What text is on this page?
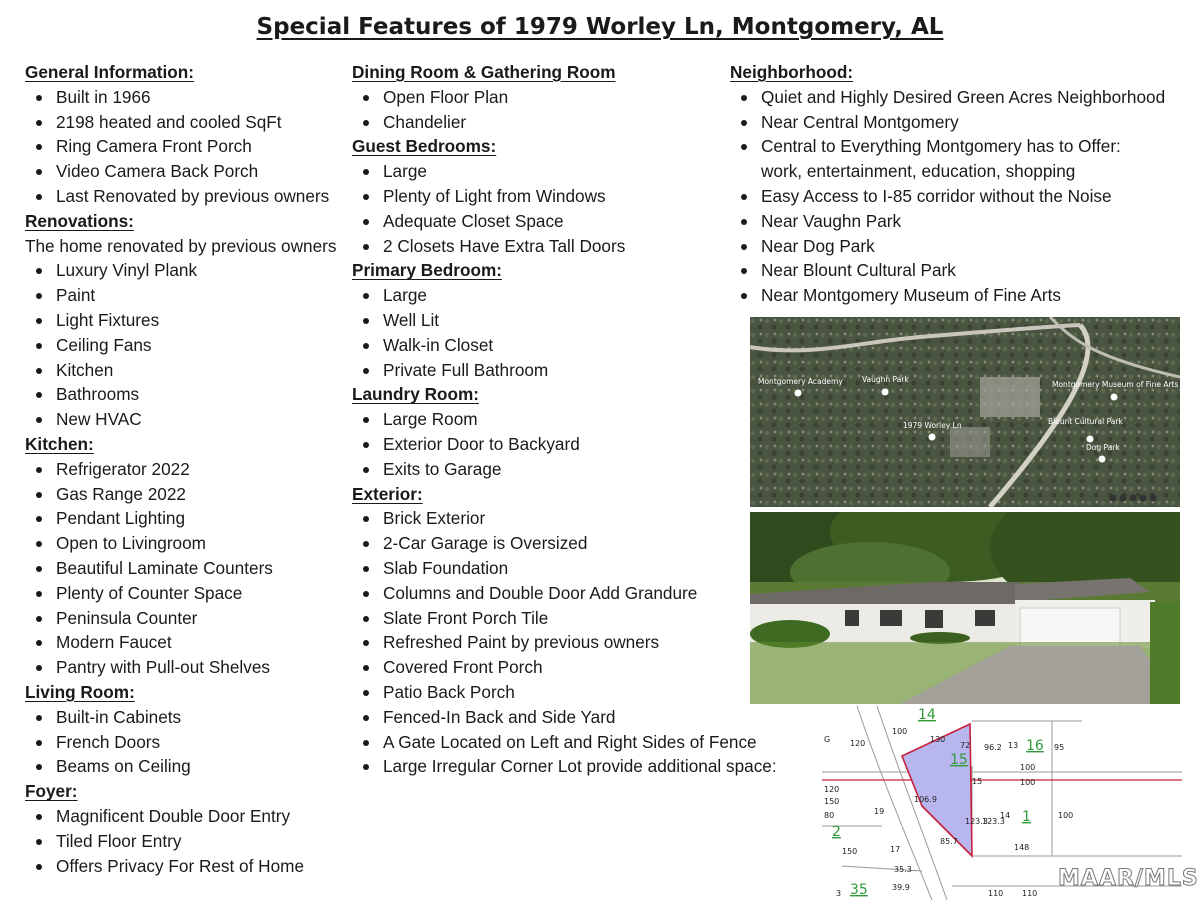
Special Features of 1979 Worley Ln, Montgomery, AL
General Information:
Built in 1966
2198 heated and cooled SqFt
Ring Camera Front Porch
Video Camera Back Porch
Last Renovated by previous owners
Renovations:
The home renovated by previous owners
Luxury Vinyl Plank
Paint
Light Fixtures
Ceiling Fans
Kitchen
Bathrooms
New HVAC
Kitchen:
Refrigerator 2022
Gas Range 2022
Pendant Lighting
Open to Livingroom
Beautiful Laminate Counters
Plenty of Counter Space
Peninsula Counter
Modern Faucet
Pantry with Pull-out Shelves
Living Room:
Built-in Cabinets
French Doors
Beams on Ceiling
Foyer:
Magnificent Double Door Entry
Tiled Floor Entry
Offers Privacy For Rest of Home
Dining Room & Gathering Room
Open Floor Plan
Chandelier
Guest Bedrooms:
Large
Plenty of Light from Windows
Adequate Closet Space
2 Closets Have Extra Tall Doors
Primary Bedroom:
Large
Well Lit
Walk-in Closet
Private Full Bathroom
Laundry Room:
Large Room
Exterior Door to Backyard
Exits to Garage
Exterior:
Brick Exterior
2-Car Garage is Oversized
Slab Foundation
Columns and Double Door Add Grandure
Slate Front Porch Tile
Refreshed Paint by previous owners
Covered Front Porch
Patio Back Porch
Fenced-In Back and Side Yard
A Gate Located on Left and Right Sides of Fence
Large Irregular Corner Lot provide additional space:
Neighborhood:
Quiet and Highly Desired Green Acres Neighborhood
Near Central Montgomery
Central to Everything Montgomery has to Offer:
work, entertainment, education, shopping
Easy Access to I-85 corridor without the Noise
Near Vaughn Park
Near Dog Park
Near Blount Cultural Park
Near Montgomery Museum of Fine Arts
Montgomery Academy	Vaughn Park
Montgomery Museum of Fine Arts
1979 Worley Ln	Blount Cultural Park
Dog Park
G 120
100
130
72 96.2 13	95
100
100
15
120
150
80	19
106.9
123.3
123.3
14	100
85.7
148
150	17
35.3
39.9
3	110 110
14
15
16
1
2
35	MAAR/MLS
